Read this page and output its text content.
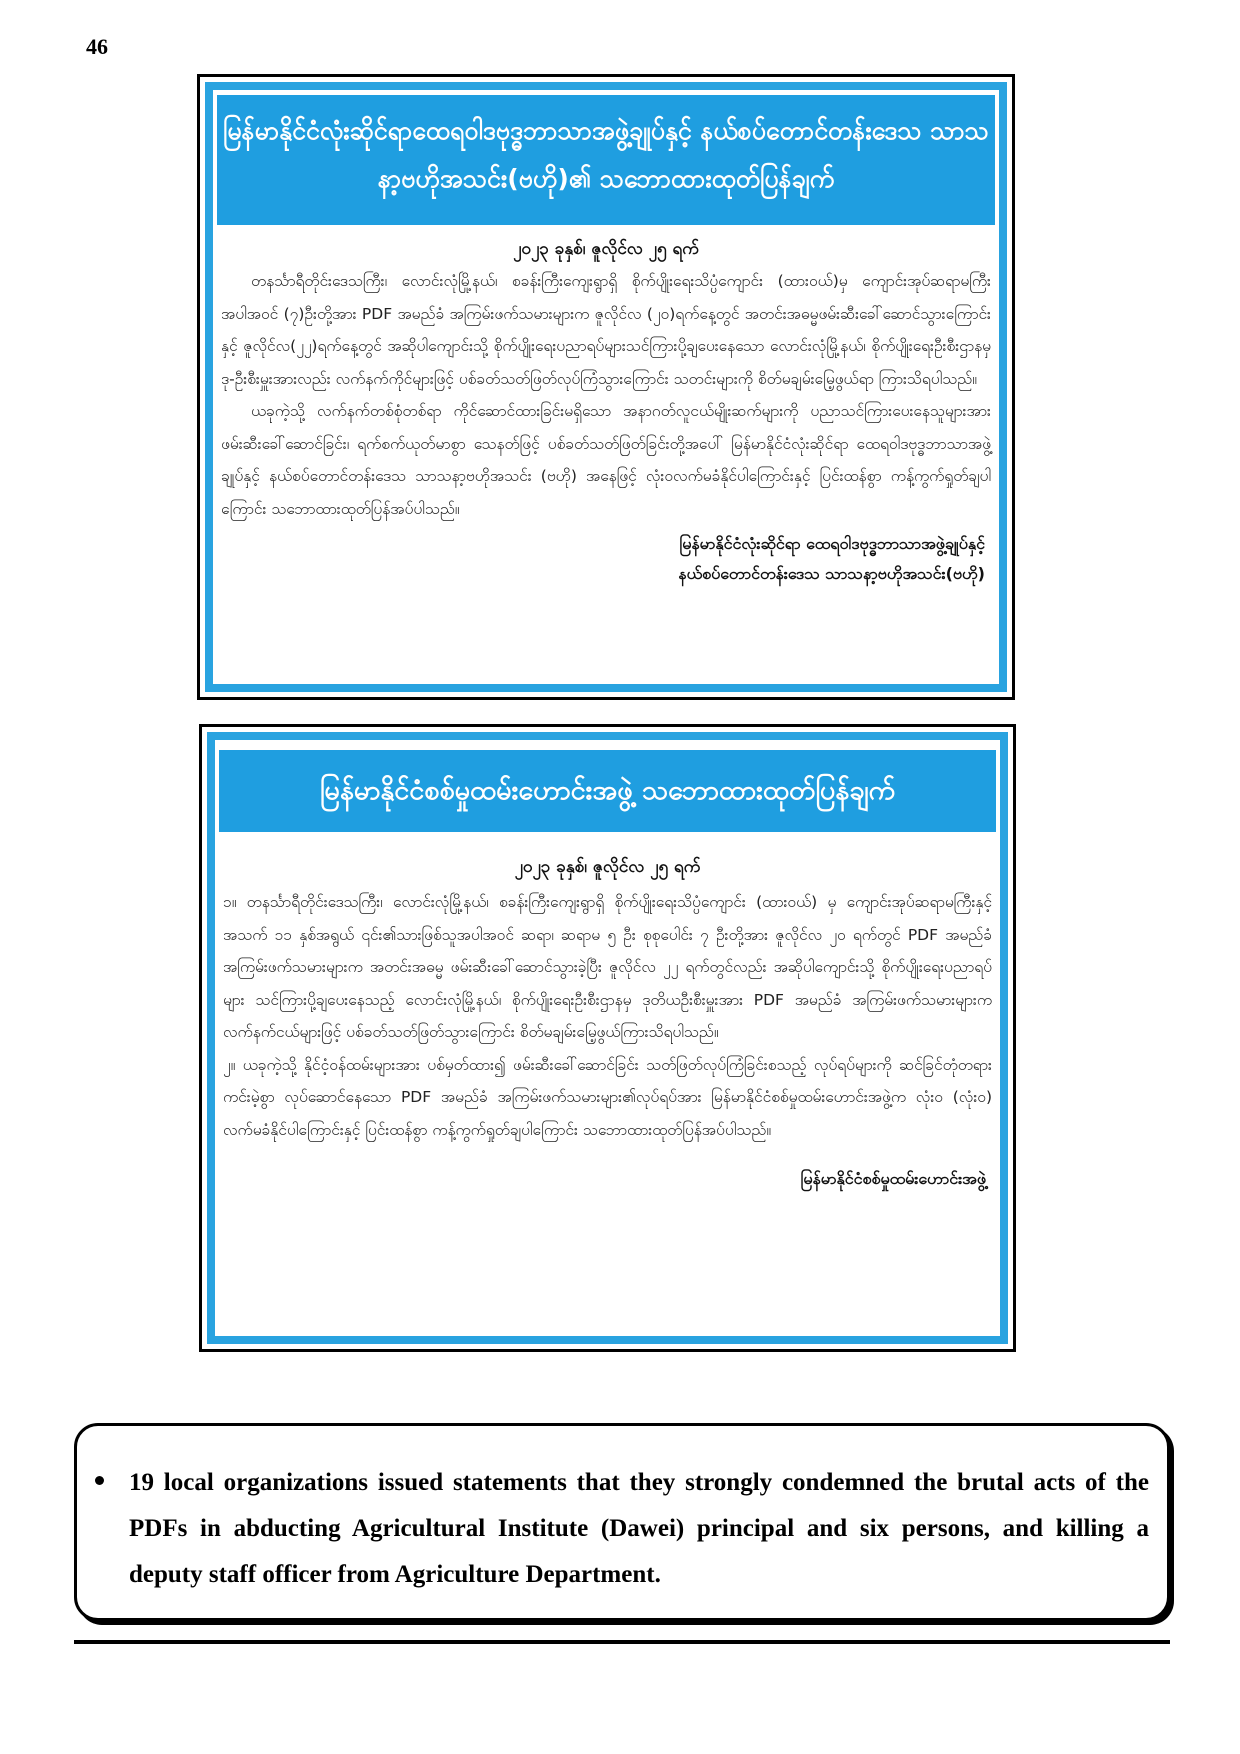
46
မြန်မာနိုင်ငံလုံးဆိုင်ရာထေရဝါဒဗုဒ္ဓဘာသာအဖွဲ့ချုပ်နှင့် နယ်စပ်တောင်တန်းဒေသ သာသနာ့ဗဟိုအသင်း(ဗဟို)၏ သဘောထားထုတ်ပြန်ချက်
၂၀၂၃ ခုနှစ်၊ ဇူလိုင်လ ၂၅ ရက်

တနင်္သာရီတိုင်းဒေသကြီး၊ လောင်းလုံမြို့နယ်၊ စခန်းကြီးကျေးရွာရှိ စိုက်ပျိုးရေးသိပ္ပံကျောင်း (ထားဝယ်)မှ ကျောင်းအုပ်ဆရာမကြီးအပါအဝင် (၇)ဦးတို့အား PDF အမည်ခံ အကြမ်းဖက်သမားများက ဇူလိုင်လ (၂၀)ရက်နေ့တွင် အတင်းအဓမ္မဖမ်းဆီးခေါ်ဆောင်သွားကြောင်းနှင့် ဇူလိုင်လ(၂၂)ရက်နေ့တွင် အဆိုပါကျောင်းသို့ စိုက်ပျိုးရေးပညာရပ်များသင်ကြားပို့ချပေးနေသော လောင်းလုံမြို့နယ်၊ စိုက်ပျိုးရေးဦးစီးဌာနမှ ဒု-ဦးစီးမှူးအားလည်း လက်နက်ကိုင်များဖြင့် ပစ်ခတ်သတ်ဖြတ်လုပ်ကြံသွားကြောင်း သတင်းများကို စိတ်မချမ်းမြေ့ဖွယ်ရာ ကြားသိရပါသည်။

ယခုကဲ့သို့ လက်နက်တစ်စုံတစ်ရာ ကိုင်ဆောင်ထားခြင်းမရှိသော အနာဂတ်လူငယ်မျိုးဆက်များကို ပညာသင်ကြားပေးနေသူများအား ဖမ်းဆီးခေါ်ဆောင်ခြင်း၊ ရက်စက်ယုတ်မာစွာ သေနတ်ဖြင့် ပစ်ခတ်သတ်ဖြတ်ခြင်းတို့အပေါ် မြန်မာနိုင်ငံလုံးဆိုင်ရာ ထေရဝါဒဗုဒ္ဓဘာသာအဖွဲ့ချုပ်နှင့် နယ်စပ်တောင်တန်းဒေသ သာသနာ့ဗဟိုအသင်း (ဗဟို) အနေဖြင့် လုံးဝလက်မခံနိုင်ပါကြောင်းနှင့် ပြင်းထန်စွာ ကန့်ကွက်ရှုတ်ချပါကြောင်း သဘောထားထုတ်ပြန်အပ်ပါသည်။

မြန်မာနိုင်ငံလုံးဆိုင်ရာ ထေရဝါဒဗုဒ္ဓဘာသာအဖွဲ့ချုပ်နှင့်
နယ်စပ်တောင်တန်းဒေသ သာသနာ့ဗဟိုအသင်း(ဗဟို)
မြန်မာနိုင်ငံစစ်မှုထမ်းဟောင်းအဖွဲ့ သဘောထားထုတ်ပြန်ချက်
၂၀၂၃ ခုနှစ်၊ ဇူလိုင်လ ၂၅ ရက်

၁။ တနင်္သာရီတိုင်းဒေသကြီး၊ လောင်းလုံမြို့နယ်၊ စခန်းကြီးကျေးရွာရှိ စိုက်ပျိုးရေးသိပ္ပံကျောင်း (ထားဝယ်) မှ ကျောင်းအုပ်ဆရာမကြီးနှင့် အသက် ၁၁ နှစ်အရွယ် ၎င်း၏သားဖြစ်သူအပါအဝင် ဆရာ၊ ဆရာမ ၅ ဦး စုစုပေါင်း ၇ ဦးတို့အား ဇူလိုင်လ ၂၀ ရက်တွင် PDF အမည်ခံ အကြမ်းဖက်သမားများက အတင်းအဓမ္မ ဖမ်းဆီးခေါ်ဆောင်သွားခဲ့ပြီး ဇူလိုင်လ ၂၂ ရက်တွင်လည်း အဆိုပါကျောင်းသို့ စိုက်ပျိုးရေးပညာရပ်များ သင်ကြားပို့ချပေးနေသည့် လောင်းလုံမြို့နယ်၊ စိုက်ပျိုးရေးဦးစီးဌာနမှ ဒုတိယဦးစီးမှူးအား PDF အမည်ခံ အကြမ်းဖက်သမားများက လက်နက်ငယ်များဖြင့် ပစ်ခတ်သတ်ဖြတ်သွားကြောင်း စိတ်မချမ်းမြေ့ဖွယ်ကြားသိရပါသည်။

၂။ ယခုကဲ့သို့ နိုင်ငံ့ဝန်ထမ်းများအား ပစ်မှတ်ထား၍ ဖမ်းဆီးခေါ်ဆောင်ခြင်း သတ်ဖြတ်လုပ်ကြံခြင်းစသည့် လုပ်ရပ်များကို ဆင်ခြင်တုံတရားကင်းမဲ့စွာ လုပ်ဆောင်နေသော PDF အမည်ခံ အကြမ်းဖက်သမားများ၏လုပ်ရပ်အား မြန်မာနိုင်ငံစစ်မှုထမ်းဟောင်းအဖွဲ့က လုံးဝ (လုံးဝ) လက်မခံနိုင်ပါကြောင်းနှင့် ပြင်းထန်စွာ ကန့်ကွက်ရှုတ်ချပါကြောင်း သဘောထားထုတ်ပြန်အပ်ပါသည်။

မြန်မာနိုင်ငံစစ်မှုထမ်းဟောင်းအဖွဲ့
19 local organizations issued statements that they strongly condemned the brutal acts of the PDFs in abducting Agricultural Institute (Dawei) principal and six persons, and killing a deputy staff officer from Agriculture Department.
